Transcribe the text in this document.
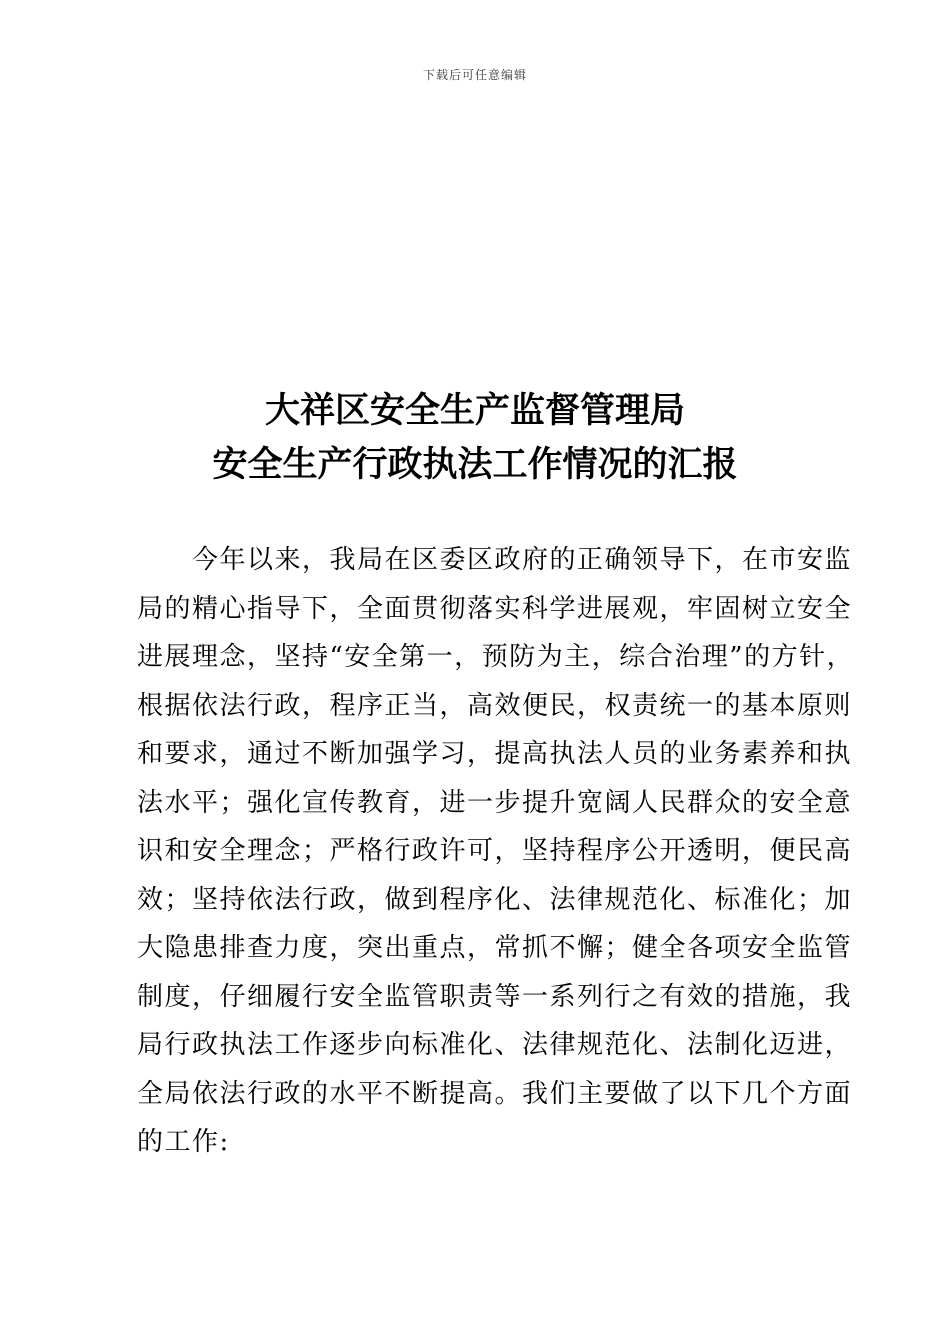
下载后可任意编辑
大祥区安全生产监督管理局
安全生产行政执法工作情况的汇报
　　今年以来，我局在区委区政府的正确领导下，在市安监
局的精心指导下，全面贯彻落实科学进展观，牢固树立安全
进展理念，坚持“安全第一，预防为主，综合治理”的方针，
根据依法行政，程序正当，高效便民，权责统一的基本原则
和要求，通过不断加强学习，提高执法人员的业务素养和执
法水平；强化宣传教育，进一步提升宽阔人民群众的安全意
识和安全理念；严格行政许可，坚持程序公开透明，便民高
效；坚持依法行政，做到程序化、法律规范化、标准化；加
大隐患排查力度，突出重点，常抓不懈；健全各项安全监管
制度，仔细履行安全监管职责等一系列行之有效的措施，我
局行政执法工作逐步向标准化、法律规范化、法制化迈进，
全局依法行政的水平不断提高。我们主要做了以下几个方面
的工作:
